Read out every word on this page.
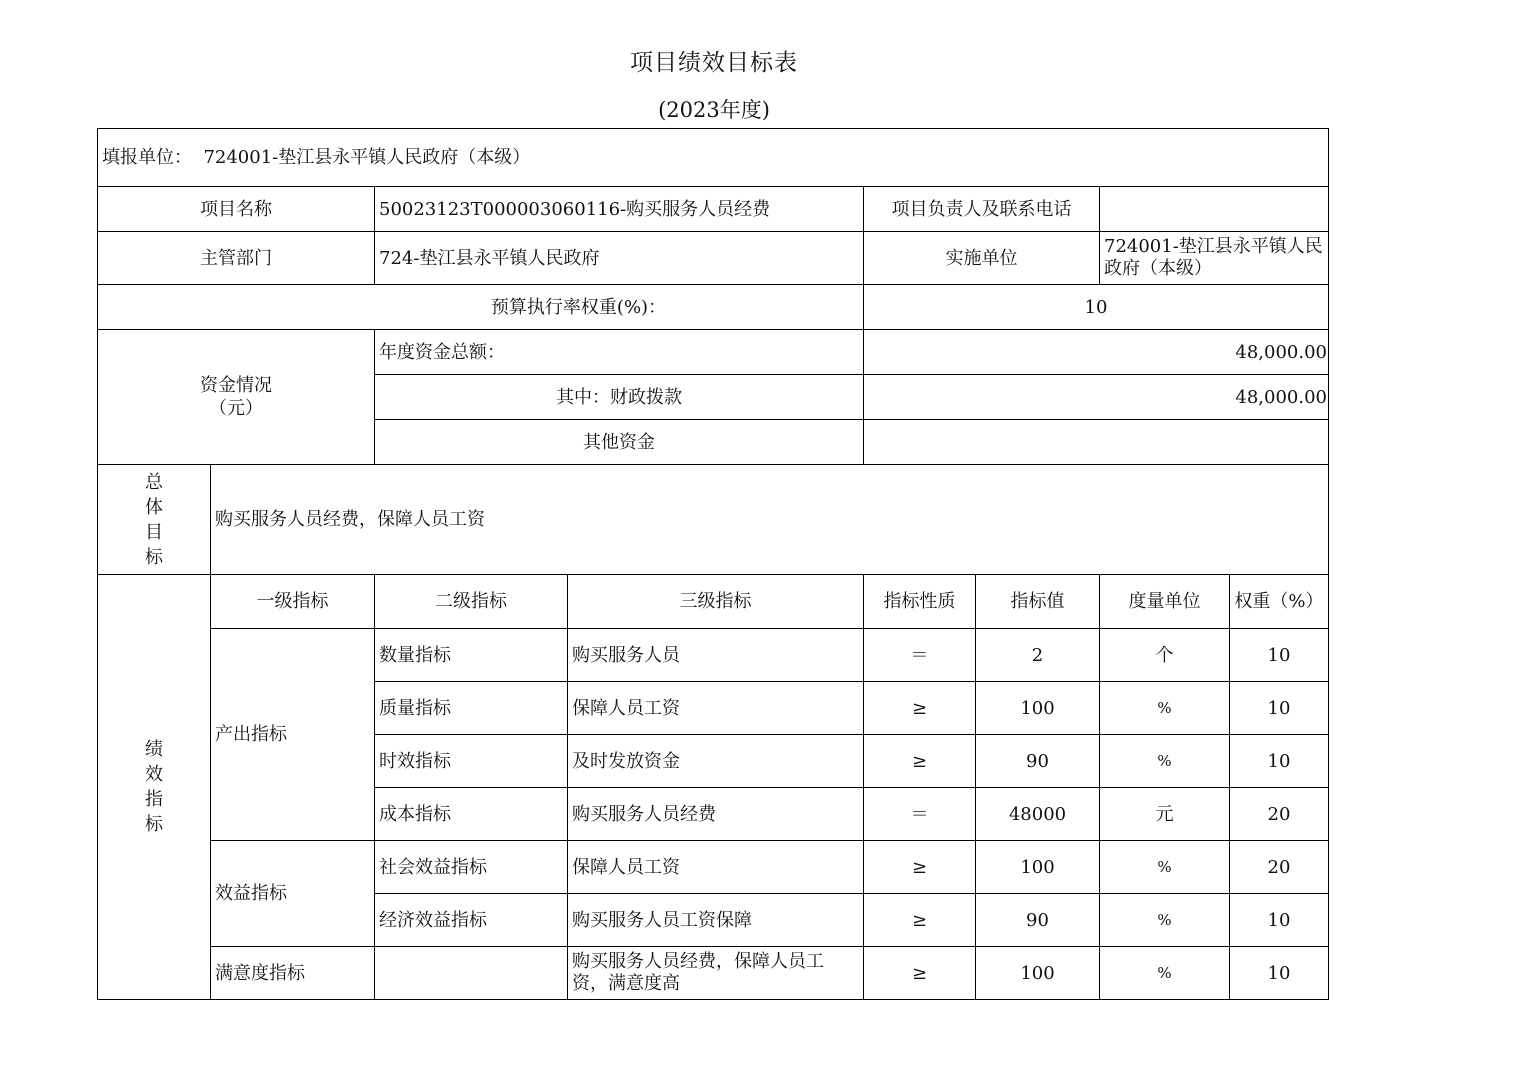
项目绩效目标表
(2023年度)
填报单位： 724001-垫江县永平镇人民政府（本级）							
项目名称		50023123T000003060116-购买服务人员经费		项目负责人及联系电话			
主管部门		724-垫江县永平镇人民政府		实施单位		724001-垫江县永平镇人民政府（本级）	
预算执行率权重(%)：				10			

资金情况
（元）		年度资金总额：		48,000.00			
		其中：财政拨款		48,000.00			
		其他资金					

总体目标	购买服务人员经费，保障人员工资						

绩效指标	一级指标	二级指标	三级指标	指标性质	指标值	度量单位	权重（%）
	产出指标	数量指标	购买服务人员	＝	2	个	10
		质量指标	保障人员工资	≥	100	%	10
		时效指标	及时发放资金	≥	90	%	10
		成本指标	购买服务人员经费	＝	48000	元	20
	效益指标	社会效益指标	保障人员工资	≥	100	%	20
		经济效益指标	购买服务人员工资保障	≥	90	%	10
	满意度指标		购买服务人员经费，保障人员工资，满意度高	≥	100	%	10
